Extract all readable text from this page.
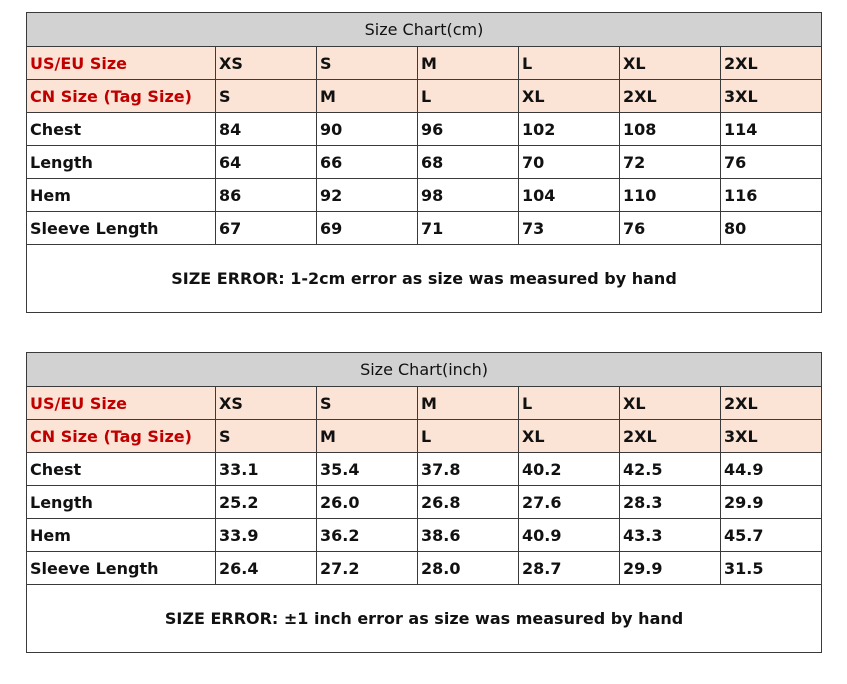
Size Chart(cm)						
US/EU Size	XS	S	M	L	XL	2XL
CN Size (Tag Size)	S	M	L	XL	2XL	3XL
Chest	84	90	96	102	108	114
Length	64	66	68	70	72	76
Hem	86	92	98	104	110	116
Sleeve Length	67	69	71	73	76	80
SIZE ERROR: 1-2cm error as size was measured by hand						
Size Chart(inch)						
US/EU Size	XS	S	M	L	XL	2XL
CN Size (Tag Size)	S	M	L	XL	2XL	3XL
Chest	33.1	35.4	37.8	40.2	42.5	44.9
Length	25.2	26.0	26.8	27.6	28.3	29.9
Hem	33.9	36.2	38.6	40.9	43.3	45.7
Sleeve Length	26.4	27.2	28.0	28.7	29.9	31.5
SIZE ERROR: ±1 inch error as size was measured by hand						
